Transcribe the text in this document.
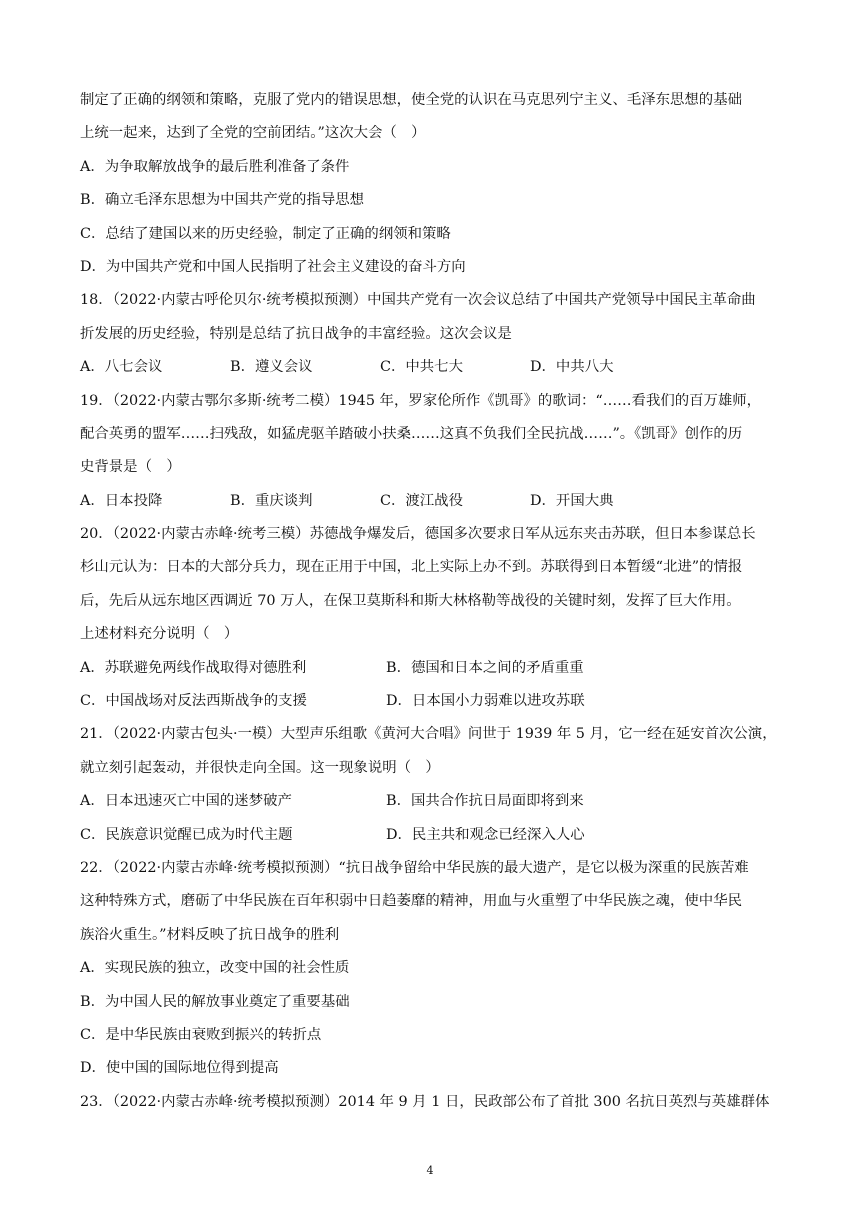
制定了正确的纲领和策略，克服了党内的错误思想，使全党的认识在马克思列宁主义、毛泽东思想的基础
上统一起来，达到了全党的空前团结。”这次大会（　）
A．为争取解放战争的最后胜利准备了条件
B．确立毛泽东思想为中国共产党的指导思想
C．总结了建国以来的历史经验，制定了正确的纲领和策略
D．为中国共产党和中国人民指明了社会主义建设的奋斗方向
18．（2022·内蒙古呼伦贝尔·统考模拟预测）中国共产党有一次会议总结了中国共产党领导中国民主革命曲
折发展的历史经验，特别是总结了抗日战争的丰富经验。这次会议是
A．八七会议	B．遵义会议	C．中共七大	D．中共八大
19．（2022·内蒙古鄂尔多斯·统考二模）1945 年，罗家伦所作《凯哥》的歌词：“……看我们的百万雄师，
配合英勇的盟军……扫残敌，如猛虎驱羊踏破小扶桑……这真不负我们全民抗战……”。《凯哥》创作的历
史背景是（　）
A．日本投降	B．重庆谈判	C．渡江战役	D．开国大典
20．（2022·内蒙古赤峰·统考三模）苏德战争爆发后，德国多次要求日军从远东夹击苏联，但日本参谋总长
杉山元认为：日本的大部分兵力，现在正用于中国，北上实际上办不到。苏联得到日本暂缓“北进”的情报
后，先后从远东地区西调近 70 万人，在保卫莫斯科和斯大林格勒等战役的关键时刻，发挥了巨大作用。
上述材料充分说明（　）
A．苏联避免两线作战取得对德胜利	B．德国和日本之间的矛盾重重
C．中国战场对反法西斯战争的支援	D．日本国小力弱难以进攻苏联
21．（2022·内蒙古包头·一模）大型声乐组歌《黄河大合唱》问世于 1939 年 5 月，它一经在延安首次公演，
就立刻引起轰动，并很快走向全国。这一现象说明（　）
A．日本迅速灭亡中国的迷梦破产	B．国共合作抗日局面即将到来
C．民族意识觉醒已成为时代主题	D．民主共和观念已经深入人心
22．（2022·内蒙古赤峰·统考模拟预测）“抗日战争留给中华民族的最大遗产，是它以极为深重的民族苦难
这种特殊方式，磨砺了中华民族在百年积弱中日趋萎靡的精神，用血与火重塑了中华民族之魂，使中华民
族浴火重生。”材料反映了抗日战争的胜利
A．实现民族的独立，改变中国的社会性质
B．为中国人民的解放事业奠定了重要基础
C．是中华民族由衰败到振兴的转折点
D．使中国的国际地位得到提高
23．（2022·内蒙古赤峰·统考模拟预测）2014 年 9 月 1 日，民政部公布了首批 300 名抗日英烈与英雄群体
4
